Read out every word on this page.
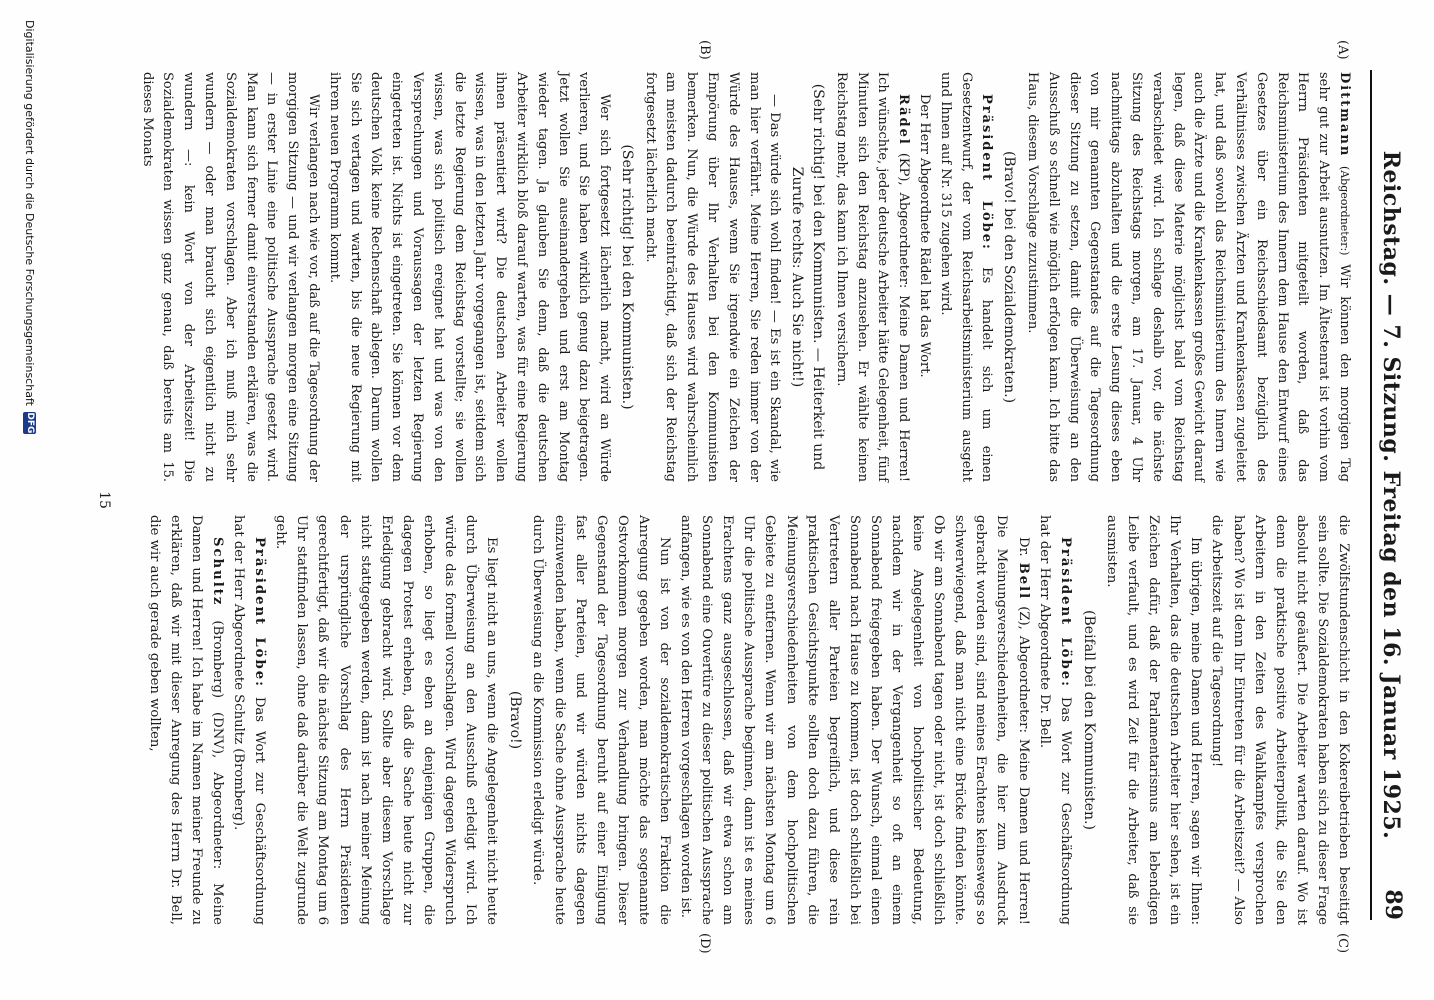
Reichstag. — 7. Sitzung. Freitag den 16. Januar 1925.
89
(A)
(B)
(C)
(D)

Dittmann (Abgeordneter:) Wir können den morgigen Tag sehr gut zur Arbeit ausnutzen. Im Ältestenrat ist vorhin vom Herrn Präsidenten mitgeteilt worden, daß das Reichsministerium des Innern dem Hause den Entwurf eines Gesetzes über ein Reichsschiedsamt bezüglich des Verhältnisses zwischen Ärzten und Krankenkassen zugeleitet hat, und daß sowohl das Reichsministerium des Innern wie auch die Ärzte und die Krankenkassen großes Gewicht darauf legen, daß diese Materie möglichst bald vom Reichstag verabschiedet wird. Ich schlage deshalb vor, die nächste Sitzung des Reichstags morgen, am 17. Januar, 4 Uhr nachmittags abzuhalten und die erste Lesung dieses eben von mir genannten Gegenstandes auf die Tagesordnung dieser Sitzung zu setzen, damit die Überweisung an den Ausschuß so schnell wie möglich erfolgen kann. Ich bitte das Haus, diesem Vorschlage zuzustimmen.

(Bravo! bei den Sozialdemokraten.)

Präsident Löbe: Es handelt sich um einen Gesetzentwurf, der vom Reichsarbeitsministerium ausgeht und Ihnen auf Nr. 315 zugehen wird.

Der Herr Abgeordnete Rädel hat das Wort.

Rädel (KP), Abgeordneter: Meine Damen und Herren! Ich wünschte, jeder deutsche Arbeiter hätte Gelegenheit, fünf Minuten sich den Reichstag anzusehen. Er wählte keinen Reichstag mehr, das kann ich Ihnen versichern.

(Sehr richtig! bei den Kommunisten. — Heiterkeit und Zurufe rechts: Auch Sie nicht!)

— Das würde sich wohl finden! — Es ist ein Skandal, wie man hier verfährt. Meine Herren, Sie reden immer von der Würde des Hauses, wenn Sie irgendwie ein Zeichen der Empörung über Ihr Verhalten bei den Kommunisten bemerken. Nun, die Würde des Hauses wird wahrscheinlich am meisten dadurch beeinträchtigt, daß sich der Reichstag fortgesetzt lächerlich macht.

(Sehr richtig! bei den Kommunisten.)

Wer sich fortgesetzt lächerlich macht, wird an Würde verlieren, und Sie haben wirklich genug dazu beigetragen. Jetzt wollen Sie auseinandergehen und erst am Montag wieder tagen. Ja glauben Sie denn, daß die deutschen Arbeiter wirklich bloß darauf warten, was für eine Regierung ihnen präsentiert wird? Die deutschen Arbeiter wollen wissen, was in den letzten Jahr vorgegangen ist, seitdem sich die letzte Regierung dem Reichstag vorstellte; sie wollen wissen, was sich politisch ereignet hat und was von den Versprechungen und Voraussagen der letzten Regierung eingetreten ist. Nichts ist eingetreten. Sie können vor dem deutschen Volk keine Rechenschaft ablegen. Darum wollen Sie sich vertagen und warten, bis die neue Regierung mit ihrem neuen Programm kommt.

Wir verlangen nach wie vor, daß auf die Tagesordnung der morgigen Sitzung — und wir verlangen morgen eine Sitzung — in erster Linie eine politische Aussprache gesetzt wird. Man kann sich ferner damit einverstanden erklären, was die Sozialdemokraten vorschlagen. Aber ich muß mich sehr wundern — oder man braucht sich eigentlich nicht zu wundern —: kein Wort von der Arbeitszeit! Die Sozialdemokraten wissen ganz genau, daß bereits am 15. dieses Monats

die Zwölfstundenschicht in den Kokereibetrieben beseitigt sein sollte. Die Sozialdemokraten haben sich zu dieser Frage absolut nicht geäußert. Die Arbeiter warten darauf. Wo ist denn die praktische positive Arbeiterpolitik, die Sie den Arbeitern in den Zeiten des Wahlkampfes versprochen haben? Wo ist denn Ihr Eintreten für die Arbeitszeit? — Also die Arbeitszeit auf die Tagesordnung!

Im übrigen, meine Damen und Herren, sagen wir Ihnen: Ihr Verhalten, das die deutschen Arbeiter hier sehen, ist ein Zeichen dafür, daß der Parlamentarismus am lebendigen Leibe verfault, und es wird Zeit für die Arbeiter, daß sie ausmisten.

(Beifall bei den Kommunisten.)

Präsident Löbe: Das Wort zur Geschäftsordnung hat der Herr Abgeordnete Dr. Bell.

Dr. Bell (Z), Abgeordneter: Meine Damen und Herren! Die Meinungsverschiedenheiten, die hier zum Ausdruck gebracht worden sind, sind meines Erachtens keineswegs so schwerwiegend, daß man nicht eine Brücke finden könnte. Ob wir am Sonnabend tagen oder nicht, ist doch schließlich keine Angelegenheit von hochpolitischer Bedeutung, nachdem wir in der Vergangenheit so oft an einem Sonnabend freigegeben haben. Der Wunsch, einmal einen Sonnabend nach Hause zu kommen, ist doch schließlich bei Vertretern aller Parteien begreiflich, und diese rein praktischen Gesichtspunkte sollten doch dazu führen, die Meinungsverschiedenheiten von dem hochpolitischen Gebiete zu entfernen. Wenn wir am nächsten Montag um 6 Uhr die politische Aussprache beginnen, dann ist es meines Erachtens ganz ausgeschlossen, daß wir etwa schon am Sonnabend eine Ouvertüre zu dieser politischen Aussprache anfangen, wie es von den Herren vorgeschlagen worden ist.

Nun ist von der sozialdemokratischen Fraktion die Anregung gegeben worden, man möchte das sogenannte Ostvorkommen morgen zur Verhandlung bringen. Dieser Gegenstand der Tagesordnung beruht auf einer Einigung fast aller Parteien, und wir würden nichts dagegen einzuwenden haben, wenn die Sache ohne Aussprache heute durch Überweisung an die Kommission erledigt würde.

(Bravo!)

Es liegt nicht an uns, wenn die Angelegenheit nicht heute durch Überweisung an den Ausschuß erledigt wird. Ich würde das formell vorschlagen. Wird dagegen Widerspruch erhoben, so liegt es eben an denjenigen Gruppen, die dagegen Protest erheben, daß die Sache heute nicht zur Erledigung gebracht wird. Sollte aber diesem Vorschlage nicht stattgegeben werden, dann ist nach meiner Meinung der ursprüngliche Vorschlag des Herrn Präsidenten gerechtfertigt, daß wir die nächste Sitzung am Montag um 6 Uhr stattfinden lassen, ohne daß darüber die Welt zugrunde geht.

Präsident Löbe: Das Wort zur Geschäftsordnung hat der Herr Abgeordnete Schultz (Bromberg).

Schultz (Bromberg) (DNV), Abgeordneter: Meine Damen und Herren! Ich habe im Namen meiner Freunde zu erklären, daß wir mit dieser Anregung des Herrn Dr. Bell, die wir auch gerade geben wollten,

15
Digitalisierung gefördert durch die Deutsche Forschungsgemeinschaft
DFG
